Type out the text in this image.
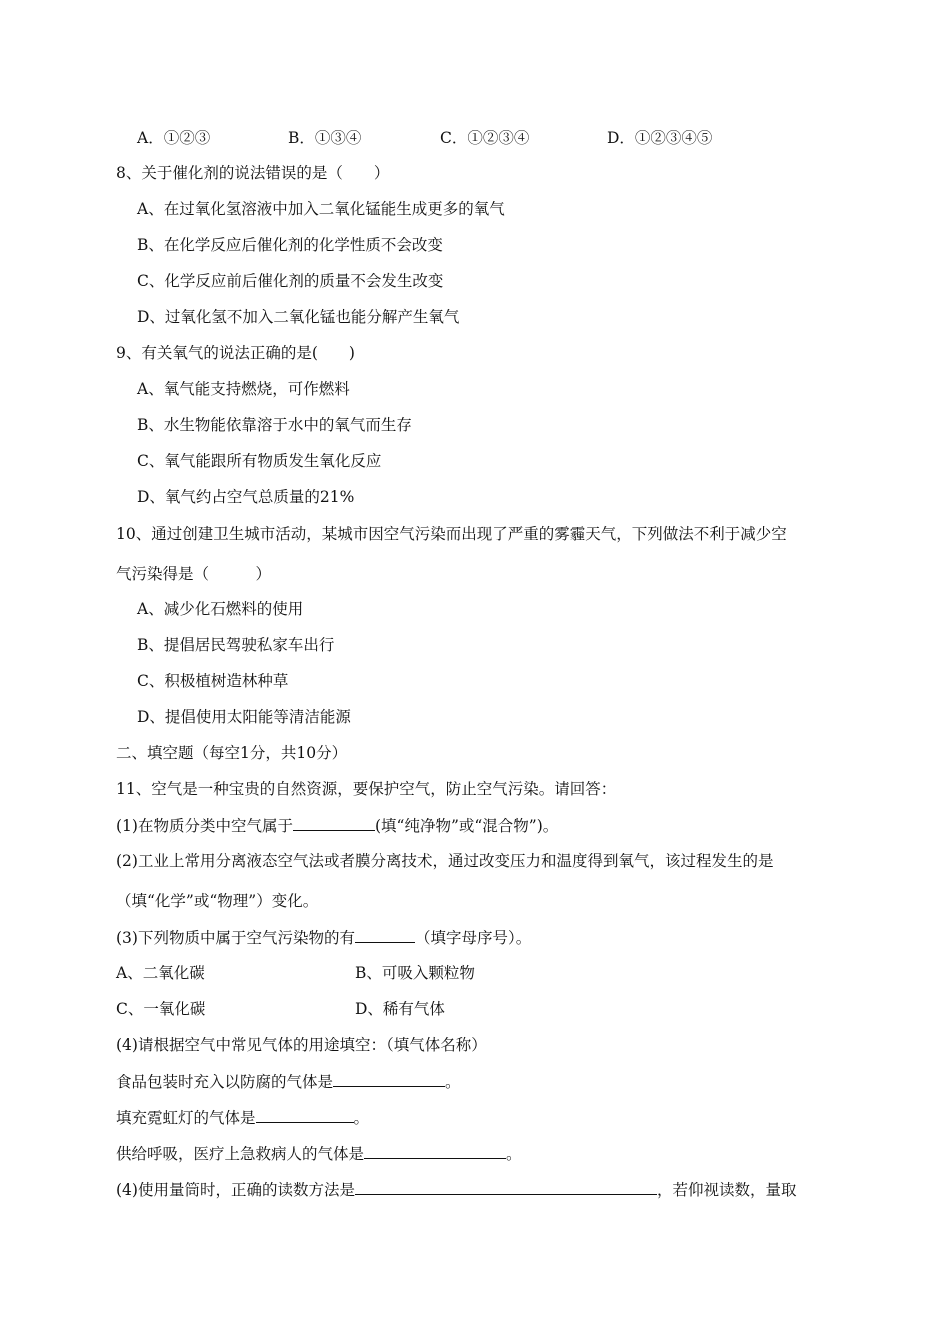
A．①②③	B．①③④	C．①②③④	D．①②③④⑤
8、关于催化剂的说法错误的是（　　）
A、在过氧化氢溶液中加入二氧化锰能生成更多的氧气
B、在化学反应后催化剂的化学性质不会改变
C、化学反应前后催化剂的质量不会发生改变
D、过氧化氢不加入二氧化锰也能分解产生氧气
9、有关氧气的说法正确的是(　　)
A、氧气能支持燃烧，可作燃料
B、水生物能依靠溶于水中的氧气而生存
C、氧气能跟所有物质发生氧化反应
D、氧气约占空气总质量的21%
10、通过创建卫生城市活动，某城市因空气污染而出现了严重的雾霾天气，下列做法不利于减少空
气污染得是（　　　）
A、减少化石燃料的使用
B、提倡居民驾驶私家车出行
C、积极植树造林种草
D、提倡使用太阳能等清洁能源
二、填空题（每空1分，共10分）
11、空气是一种宝贵的自然资源，要保护空气，防止空气污染。请回答：
(1)在物质分类中空气属于	(填“纯净物”或“混合物”)。
(2)工业上常用分离液态空气法或者膜分离技术，通过改变压力和温度得到氧气，该过程发生的是
（填“化学”或“物理”）变化。
(3)下列物质中属于空气污染物的有	（填字母序号）。
A、二氧化碳	B、可吸入颗粒物
C、一氧化碳	D、稀有气体
(4)请根据空气中常见气体的用途填空：（填气体名称）
食品包装时充入以防腐的气体是	。
填充霓虹灯的气体是	。
供给呼吸，医疗上急救病人的气体是	。
(4)使用量筒时，正确的读数方法是	，若仰视读数，量取
